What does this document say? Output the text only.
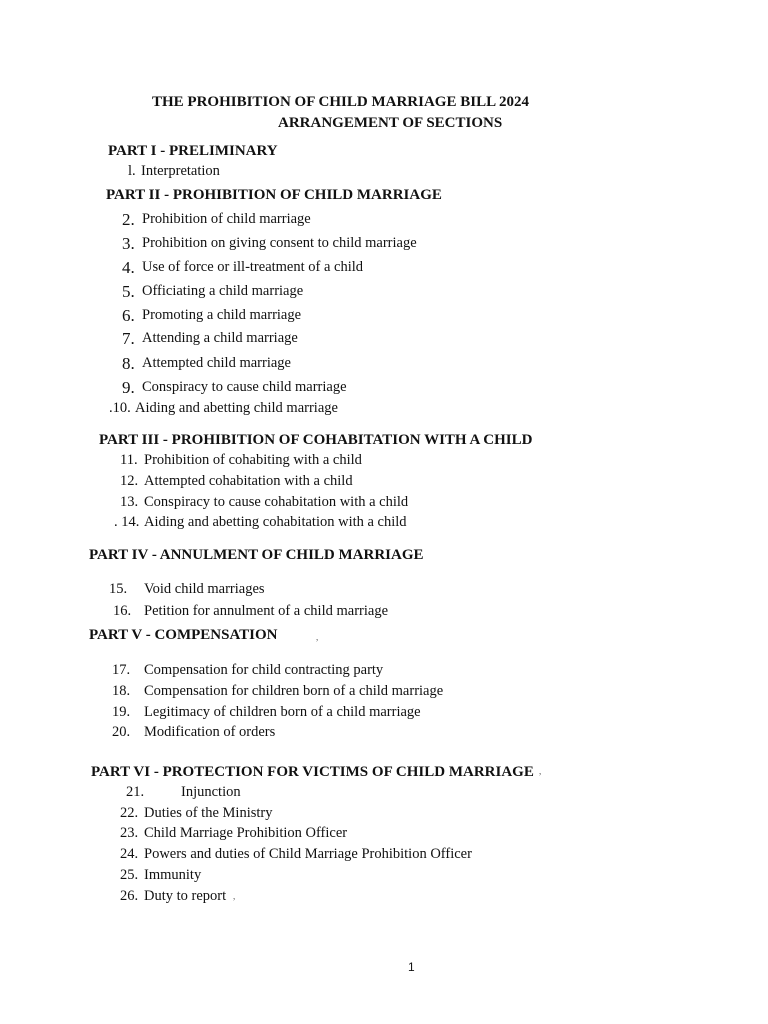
THE PROHIBITION OF CHILD MARRIAGE BILL 2024
ARRANGEMENT OF SECTIONS
PART I - PRELIMINARY
l. Interpretation
PART II - PROHIBITION OF CHILD MARRIAGE
2. Prohibition of child marriage
3. Prohibition on giving consent to child marriage
4. Use of force or ill-treatment of a child
5. Officiating a child marriage
6. Promoting a child marriage
7. Attending a child marriage
8. Attempted child marriage
9. Conspiracy to cause child marriage
.10. Aiding and abetting child marriage
PART III - PROHIBITION OF COHABITATION WITH A CHILD
11. Prohibition of cohabiting with a child
12. Attempted cohabitation with a child
13. Conspiracy to cause cohabitation with a child
. 14. Aiding and abetting cohabitation with a child
PART IV - ANNULMENT OF CHILD MARRIAGE
15. Void child marriages
16. Petition for annulment of a child marriage
PART V - COMPENSATION	,
17. Compensation for child contracting party
18. Compensation for children born of a child marriage
19. Legitimacy of children born of a child marriage
20. Modification of orders
PART VI - PROTECTION FOR VICTIMS OF CHILD MARRIAGE ,
21.	Injunction
22. Duties of the Ministry
23. Child Marriage Prohibition Officer
24. Powers and duties of Child Marriage Prohibition Officer
25. Immunity
26. Duty to report ,
1
